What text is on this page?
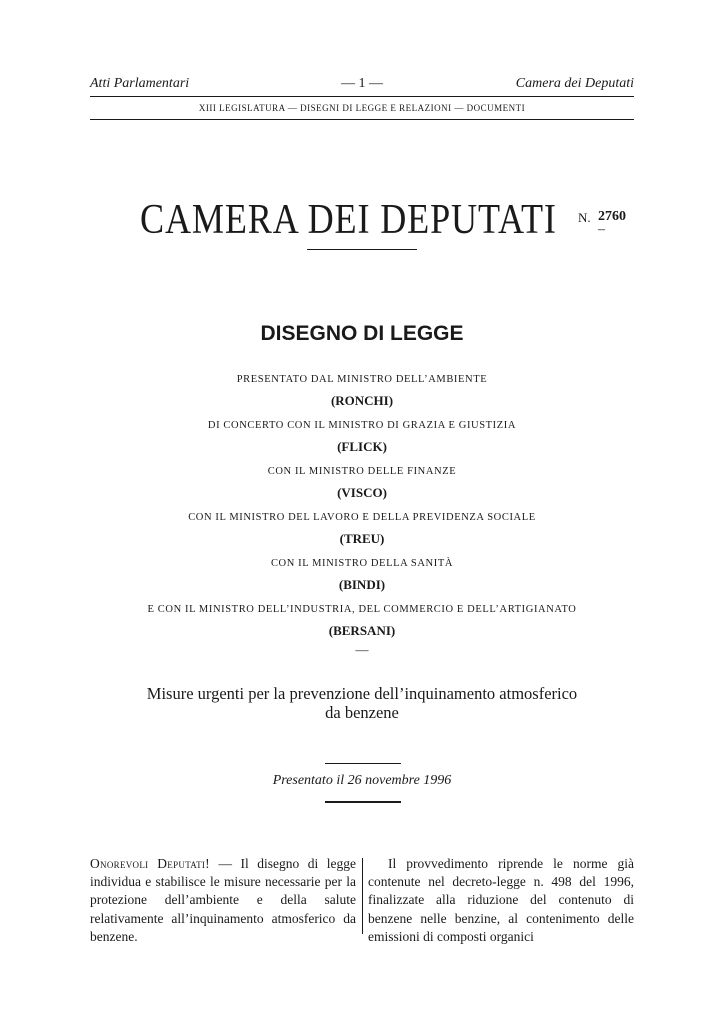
Atti Parlamentari	— 1 —	Camera dei Deputati
XIII LEGISLATURA — DISEGNI DI LEGGE E RELAZIONI — DOCUMENTI
CAMERA DEI DEPUTATI N. 2760
–
DISEGNO DI LEGGE
PRESENTATO DAL MINISTRO DELL’AMBIENTE
(RONCHI)
DI CONCERTO CON IL MINISTRO DI GRAZIA E GIUSTIZIA
(FLICK)
CON IL MINISTRO DELLE FINANZE
(VISCO)
CON IL MINISTRO DEL LAVORO E DELLA PREVIDENZA SOCIALE
(TREU)
CON IL MINISTRO DELLA SANITÀ
(BINDI)
E CON IL MINISTRO DELL’INDUSTRIA, DEL COMMERCIO E DELL’ARTIGIANATO
(BERSANI)
—
Misure urgenti per la prevenzione dell’inquinamento atmosferico
da benzene
Presentato il 26 novembre 1996
Onorevoli Deputati! — Il disegno di legge individua e stabilisce le misure necessarie per la protezione dell’ambiente e della salute relativamente all’inquinamento atmosferico da benzene.
Il provvedimento riprende le norme già contenute nel decreto-legge n. 498 del 1996, finalizzate alla riduzione del contenuto di benzene nelle benzine, al contenimento delle emissioni di composti organici
